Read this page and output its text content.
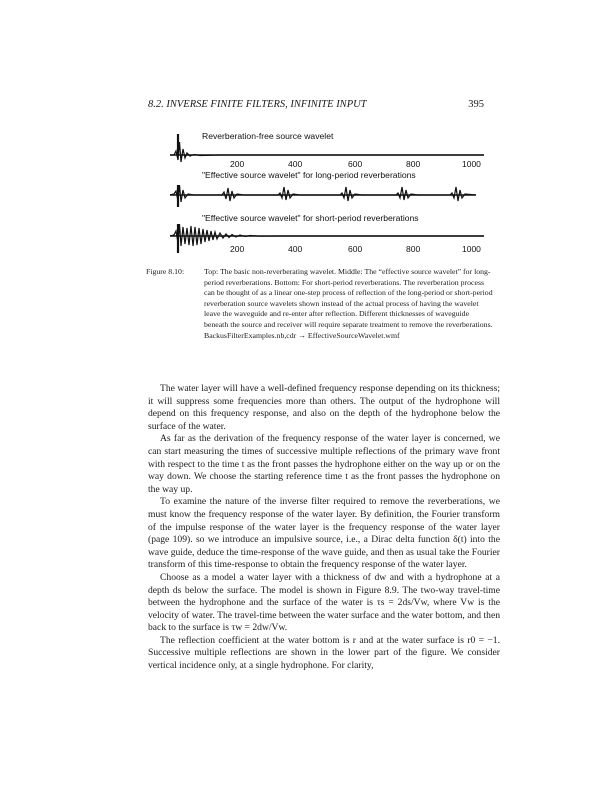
8.2. INVERSE FINITE FILTERS, INFINITE INPUT	395
Reverberation-free source wavelet
200	400	600	800	1000
"Effective source wavelet" for long-period reverberations
"Effective source wavelet" for short-period reverberations
200	400	600	800	1000
Figure 8.10:	Top: The basic non-reverberating wavelet. Middle: The “effective source wavelet” for long-period reverberations. Bottom: For short-period reverberations. The reverberation process can be thought of as a linear one-step process of reflection of the long-period or short-period reverberation source wavelets shown instead of the actual process of having the wavelet leave the waveguide and re-enter after reflection. Different thicknesses of waveguide beneath the source and receiver will require separate treatment to remove the reverberations. BackusFilterExamples.nb,cdr → EffectiveSourceWavelet.wmf

The water layer will have a well-defined frequency response depending on its thickness; it will suppress some frequencies more than others. The output of the hydrophone will depend on this frequency response, and also on the depth of the hydrophone below the surface of the water.

As far as the derivation of the frequency response of the water layer is concerned, we can start measuring the times of successive multiple reflections of the primary wave front with respect to the time t as the front passes the hydrophone either on the way up or on the way down. We choose the starting reference time t as the front passes the hydrophone on the way up.

To examine the nature of the inverse filter required to remove the reverberations, we must know the frequency response of the water layer. By definition, the Fourier transform of the impulse response of the water layer is the frequency response of the water layer (page 109). so we introduce an impulsive source, i.e., a Dirac delta function δ(t) into the wave guide, deduce the time-response of the wave guide, and then as usual take the Fourier transform of this time-response to obtain the frequency response of the water layer.

Choose as a model a water layer with a thickness of dw and with a hydrophone at a depth ds below the surface. The model is shown in Figure 8.9. The two-way travel-time between the hydrophone and the surface of the water is τs = 2ds/Vw, where Vw is the velocity of water. The travel-time between the water surface and the water bottom, and then back to the surface is τw = 2dw/Vw.

The reflection coefficient at the water bottom is r and at the water surface is r0 = −1. Successive multiple reflections are shown in the lower part of the figure. We consider vertical incidence only, at a single hydrophone. For clarity,
